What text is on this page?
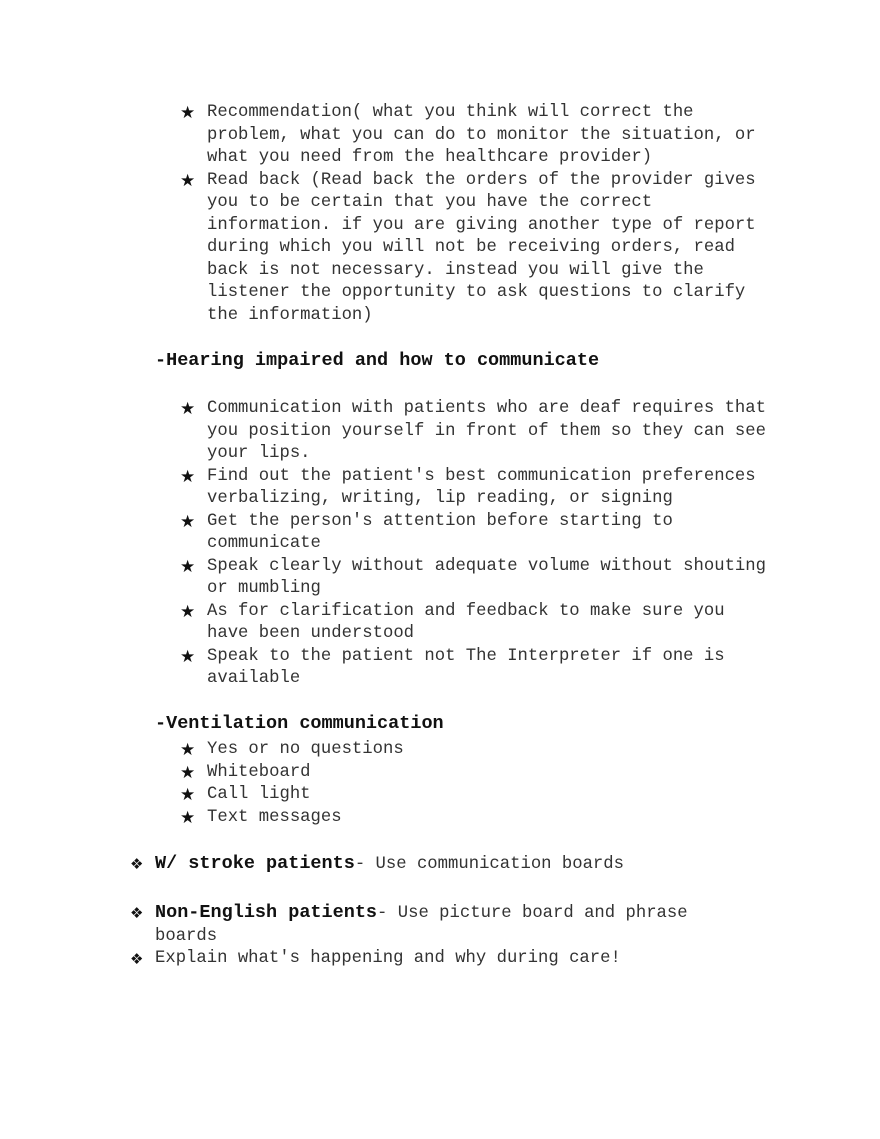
★ Recommendation( what you think will correct the problem, what you can do to monitor the situation, or what you need from the healthcare provider)
★ Read back (Read back the orders of the provider gives you to be certain that you have the correct information. if you are giving another type of report during which you will not be receiving orders, read back is not necessary. instead you will give the listener the opportunity to ask questions to clarify the information)
-Hearing impaired and how to communicate
★ Communication with patients who are deaf requires that you position yourself in front of them so they can see your lips.
★ Find out the patient's best communication preferences verbalizing, writing, lip reading, or signing
★ Get the person's attention before starting to communicate
★ Speak clearly without adequate volume without shouting or mumbling
★ As for clarification and feedback to make sure you have been understood
★ Speak to the patient not The Interpreter if one is available
-Ventilation communication
★ Yes or no questions
★ Whiteboard
★ Call light
★ Text messages
❖ W/ stroke patients- Use communication boards
❖ Non-English patients- Use picture board and phrase boards
❖ Explain what's happening and why during care!
